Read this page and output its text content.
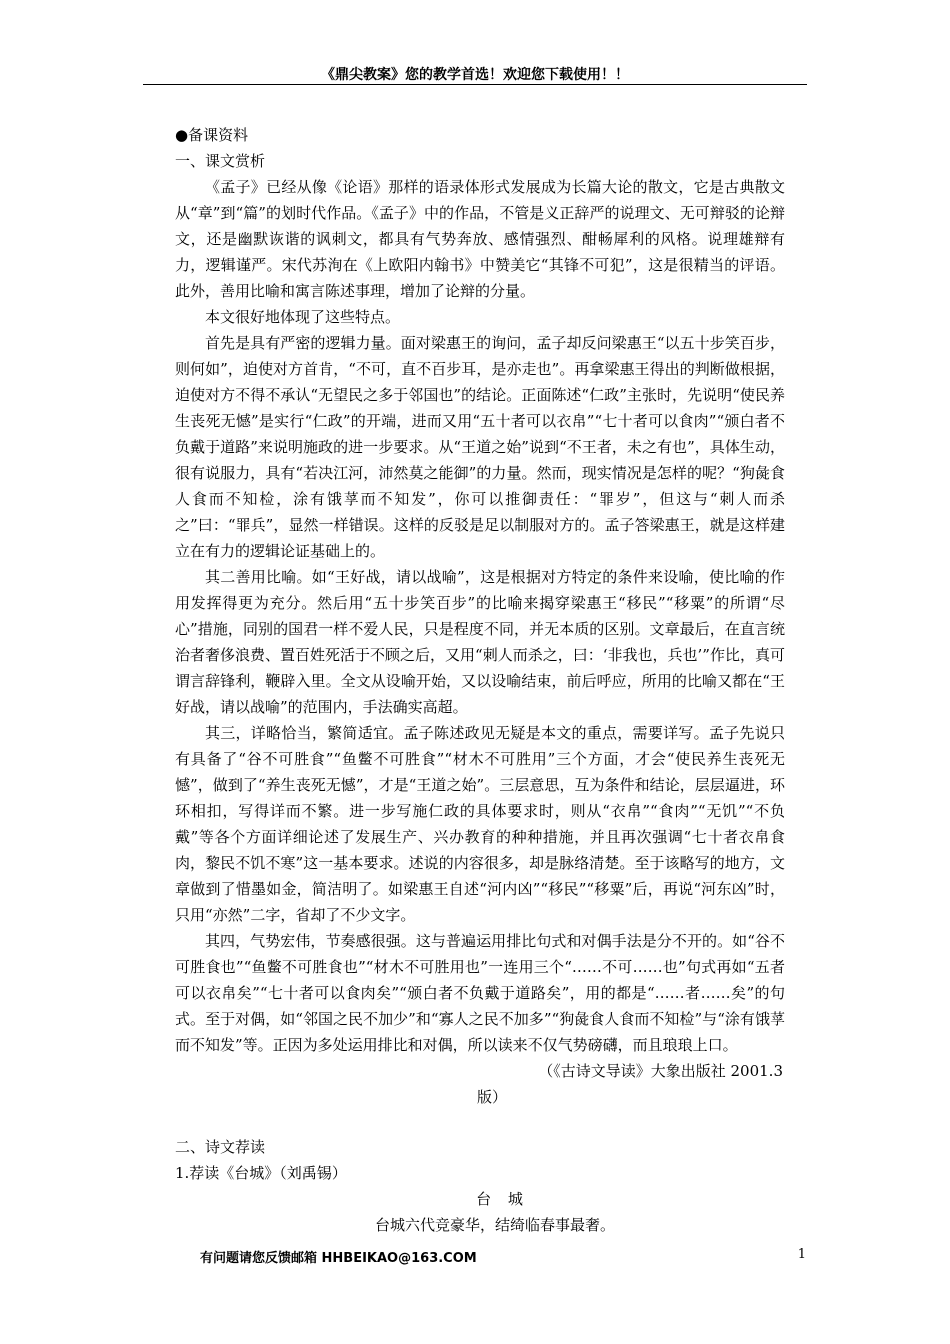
《鼎尖教案》您的教学首选！欢迎您下载使用！！
●备课资料
一、课文赏析
《孟子》已经从像《论语》那样的语录体形式发展成为长篇大论的散文，它是古典散文从“章”到“篇”的划时代作品。《孟子》中的作品，不管是义正辞严的说理文、无可辩驳的论辩文，还是幽默诙谐的讽刺文，都具有气势奔放、感情强烈、酣畅犀利的风格。说理雄辩有力，逻辑谨严。宋代苏洵在《上欧阳内翰书》中赞美它“其锋不可犯”，这是很精当的评语。此外，善用比喻和寓言陈述事理，增加了论辩的分量。
本文很好地体现了这些特点。
首先是具有严密的逻辑力量。面对梁惠王的询问，孟子却反问梁惠王“以五十步笑百步，则何如”，迫使对方首肯，“不可，直不百步耳，是亦走也”。再拿梁惠王得出的判断做根据，迫使对方不得不承认“无望民之多于邻国也”的结论。正面陈述“仁政”主张时，先说明“使民养生丧死无憾”是实行“仁政”的开端，进而又用“五十者可以衣帛”“七十者可以食肉”“颁白者不负戴于道路”来说明施政的进一步要求。从“王道之始”说到“不王者，未之有也”，具体生动，很有说服力，具有“若决江河，沛然莫之能御”的力量。然而，现实情况是怎样的呢？“狗彘食人食而不知检，涂有饿莩而不知发”，你可以推御责任：“罪岁”，但这与“刺人而杀之”曰：“罪兵”，显然一样错误。这样的反驳是足以制服对方的。孟子答梁惠王，就是这样建立在有力的逻辑论证基础上的。
其二善用比喻。如“王好战，请以战喻”，这是根据对方特定的条件来设喻，使比喻的作用发挥得更为充分。然后用“五十步笑百步”的比喻来揭穿梁惠王“移民”“移粟”的所谓“尽心”措施，同别的国君一样不爱人民，只是程度不同，并无本质的区别。文章最后，在直言统治者奢侈浪费、置百姓死活于不顾之后，又用“刺人而杀之，曰：‘非我也，兵也’”作比，真可谓言辞锋利，鞭辟入里。全文从设喻开始，又以设喻结束，前后呼应，所用的比喻又都在“王好战，请以战喻”的范围内，手法确实高超。
其三，详略恰当，繁简适宜。孟子陈述政见无疑是本文的重点，需要详写。孟子先说只有具备了“谷不可胜食”“鱼鳖不可胜食”“材木不可胜用”三个方面，才会“使民养生丧死无憾”，做到了“养生丧死无憾”，才是“王道之始”。三层意思，互为条件和结论，层层逼进，环环相扣，写得详而不繁。进一步写施仁政的具体要求时，则从“衣帛”“食肉”“无饥”“不负戴”等各个方面详细论述了发展生产、兴办教育的种种措施，并且再次强调“七十者衣帛食肉，黎民不饥不寒”这一基本要求。述说的内容很多，却是脉络清楚。至于该略写的地方，文章做到了惜墨如金，简洁明了。如梁惠王自述“河内凶”“移民”“移粟”后，再说“河东凶”时，只用“亦然”二字，省却了不少文字。
其四，气势宏伟，节奏感很强。这与普遍运用排比句式和对偶手法是分不开的。如“谷不可胜食也”“鱼鳖不可胜食也”“材木不可胜用也”一连用三个“……不可……也”句式再如“五者可以衣帛矣”“七十者可以食肉矣”“颁白者不负戴于道路矣”，用的都是“……者……矣”的句式。至于对偶，如“邻国之民不加少”和“寡人之民不加多”“狗彘食人食而不知检”与“涂有饿莩而不知发”等。正因为多处运用排比和对偶，所以读来不仅气势磅礴，而且琅琅上口。
（《古诗文导读》大象出版社 2001.3
版）
二、诗文荐读
1.荐读《台城》（刘禹锡）
台 城
台城六代竞豪华，结绮临春事最奢。
有问题请您反馈邮箱 HHBEIKAO@163.COM	1
